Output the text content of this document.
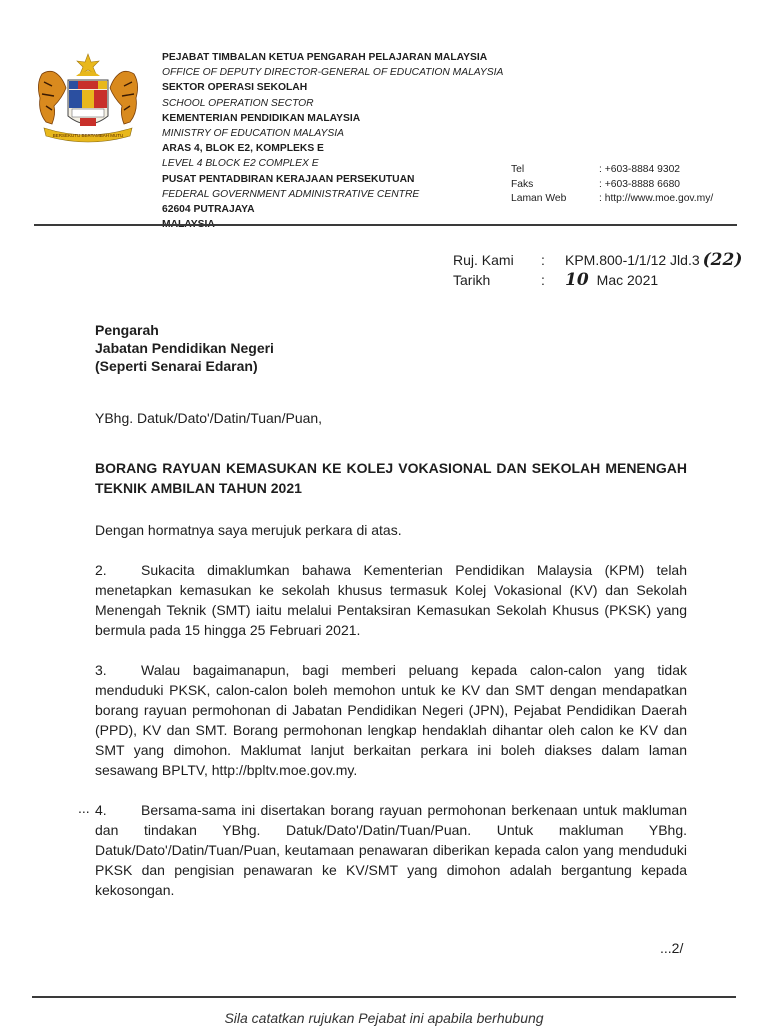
BERSEKUTU BERTAMBAH MUTU
PEJABAT TIMBALAN KETUA PENGARAH PELAJARAN MALAYSIA
OFFICE OF DEPUTY DIRECTOR-GENERAL OF EDUCATION MALAYSIA
SEKTOR OPERASI SEKOLAH
SCHOOL OPERATION SECTOR
KEMENTERIAN PENDIDIKAN MALAYSIA
MINISTRY OF EDUCATION MALAYSIA
ARAS 4, BLOK E2, KOMPLEKS E
LEVEL 4 BLOCK E2 COMPLEX E
PUSAT PENTADBIRAN KERAJAAN PERSEKUTUAN
FEDERAL GOVERNMENT ADMINISTRATIVE CENTRE
62604 PUTRAJAYA
Tel	: +603-8884 9302
Faks	: +603-8888 6680
Laman Web	: http://www.moe.gov.my/
Ruj. Kami	:	KPM.800-1/1/12 Jld.3 (22)
Tarikh	:	10 Mac 2021
Pengarah
Jabatan Pendidikan Negeri
(Seperti Senarai Edaran)
YBhg. Datuk/Dato'/Datin/Tuan/Puan,
BORANG RAYUAN KEMASUKAN KE KOLEJ VOKASIONAL DAN SEKOLAH MENENGAH TEKNIK AMBILAN TAHUN 2021
Dengan hormatnya saya merujuk perkara di atas.
2. Sukacita dimaklumkan bahawa Kementerian Pendidikan Malaysia (KPM) telah menetapkan kemasukan ke sekolah khusus termasuk Kolej Vokasional (KV) dan Sekolah Menengah Teknik (SMT) iaitu melalui Pentaksiran Kemasukan Sekolah Khusus (PKSK) yang bermula pada 15 hingga 25 Februari 2021.
3. Walau bagaimanapun, bagi memberi peluang kepada calon-calon yang tidak menduduki PKSK, calon-calon boleh memohon untuk ke KV dan SMT dengan mendapatkan borang rayuan permohonan di Jabatan Pendidikan Negeri (JPN), Pejabat Pendidikan Daerah (PPD), KV dan SMT. Borang permohonan lengkap hendaklah dihantar oleh calon ke KV dan SMT yang dimohon. Maklumat lanjut berkaitan perkara ini boleh diakses dalam laman sesawang BPLTV, http://bpltv.moe.gov.my.
... 4. Bersama-sama ini disertakan borang rayuan permohonan berkenaan untuk makluman dan tindakan YBhg. Datuk/Dato'/Datin/Tuan/Puan. Untuk makluman YBhg. Datuk/Dato'/Datin/Tuan/Puan, keutamaan penawaran diberikan kepada calon yang menduduki PKSK dan pengisian penawaran ke KV/SMT yang dimohon adalah bergantung kepada kekosongan.
...2/
Sila catatkan rujukan Pejabat ini apabila berhubung
